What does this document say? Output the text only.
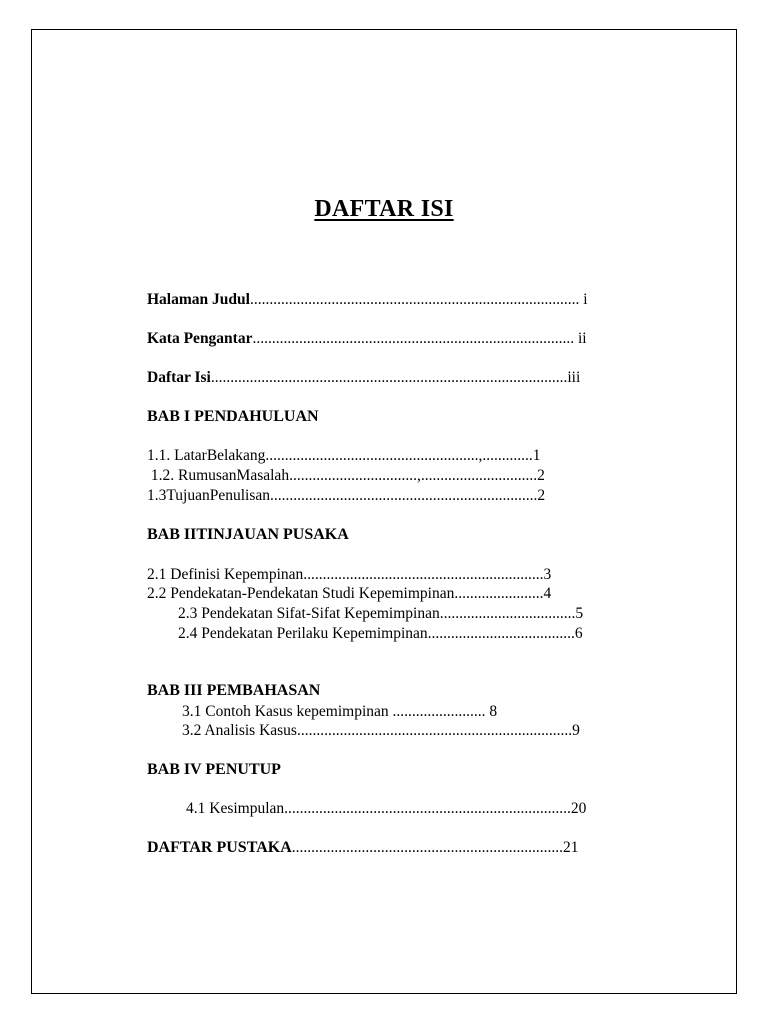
DAFTAR ISI
Halaman Judul..................................................................................... i
Kata Pengantar................................................................................... ii
Daftar Isi............................................................................................iii
BAB I PENDAHULUAN
1.1. LatarBelakang.......................................................,.............1
1.2. RumusanMasalah.................................,..............................2
1.3TujuanPenulisan.....................................................................2
BAB IITINJAUAN PUSAKA
2.1 Definisi Kepempinan..............................................................3
2.2 Pendekatan-Pendekatan Studi Kepemimpinan.......................4
2.3 Pendekatan Sifat-Sifat Kepemimpinan...................................5
2.4 Pendekatan Perilaku Kepemimpinan......................................6
BAB III PEMBAHASAN
3.1 Contoh Kasus kepemimpinan ........................ 8
3.2 Analisis Kasus.......................................................................9
BAB IV PENUTUP
4.1 Kesimpulan..........................................................................20
DAFTAR PUSTAKA......................................................................21
